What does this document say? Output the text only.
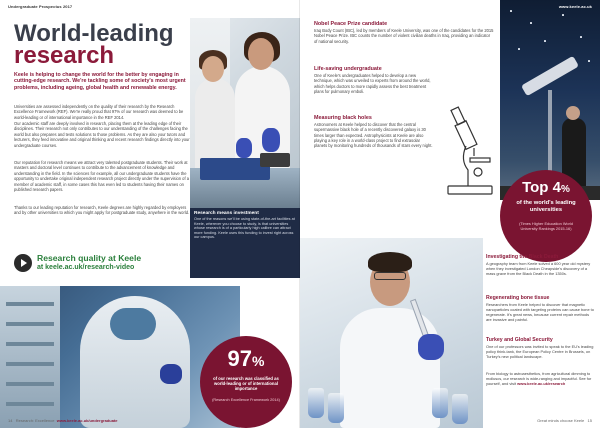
Undergraduate Prospectus 2017
World-leading
research
Keele is helping to change the world for the better by engaging in cutting-edge research. We're tackling some of society's most urgent problems, including ageing, global health and renewable energy.
Universities are assessed independently on the quality of their research by the Research Excellence Framework (REF). We're really proud that 97% of our research was deemed to be world-leading or of international importance in the REF 2014.
Our academic staff are deeply involved in research, placing them at the leading edge of their disciplines. Their research not only contributes to our understanding of the challenges facing the world but also prepares and tests solutions to those problems. As they are also your tutors and lecturers, they feed innovative and original thinking and recent research findings directly into your undergraduate courses.
Our reputation for research means we attract very talented postgraduate students. Their work at masters and doctoral level continues to contribute to the advancement of knowledge and understanding in the field. In the sciences for example, all our undergraduate students have the opportunity to undertake original independent research project directly under the supervision of a member of academic staff, in some cases this has even led to students having their names on published research papers.
Thanks to our leading reputation for research, Keele degrees are highly regarded by employers and by other universities to which you might apply for postgraduate study, anywhere in the world.
Research quality at Keele
at keele.ac.uk/research-video
Research means investment
One of the reasons we'll be using state-of-the-art facilities at Keele, wherever you choose to study, is that universities whose research is of a particularly high calibre can attract more funding. Keele uses this funding to invest right across our campus.
97%
of our research was classified as world-leading or of international importance
(Research Excellence Framework 2014)
14 Research: Excellence www.keele.ac.uk/undergraduate
www.keele.ac.uk
Nobel Peace Prize candidate
Iraq Body Count (IBC), led by members of Keele University, was one of the candidates for the 2015 Nobel Peace Prize. IBC counts the number of violent civilian deaths in Iraq, providing an indicator of national security.
Life-saving undergraduate
One of Keele's undergraduates helped to develop a new technique, which was unveiled to experts from around the world, which helps doctors to more rapidly assess the best treatment plans for pulmonary emboli.
Measuring black holes
Astronomers at Keele helped to discover that the central supermassive black hole of a recently discovered galaxy is 30 times larger than expected. Astrophysicists at Keele are also playing a key role in a world-class project to find extrasolar planets by monitoring hundreds of thousands of stars every night.
Top 4%
of the world's leading universities
(Times Higher Education World University Rankings 2015-16)
Investigating the Black Death
A geography team from Keele solved a 600 year old mystery when they investigated London Cheapside's discovery of a mass grave from the Black Death in the 1350s.
Regenerating bone tissue
Researchers from Keele helped to discover that magnetic nanoparticles coated with targeting proteins can cause bone to regenerate. It's great news, because current repair methods are invasive and painful.
Turkey and Global Security
One of our professors was invited to speak to the EU's leading policy think-tank, the European Policy Centre in Brussels, on Turkey's new political landscape.
From biology to astroaesthetics, from agricultural dimming to molluscs, our research is wide-ranging and impactful. See for yourself, and visit www.keele.ac.uk/research
Great minds choose Keele 15
